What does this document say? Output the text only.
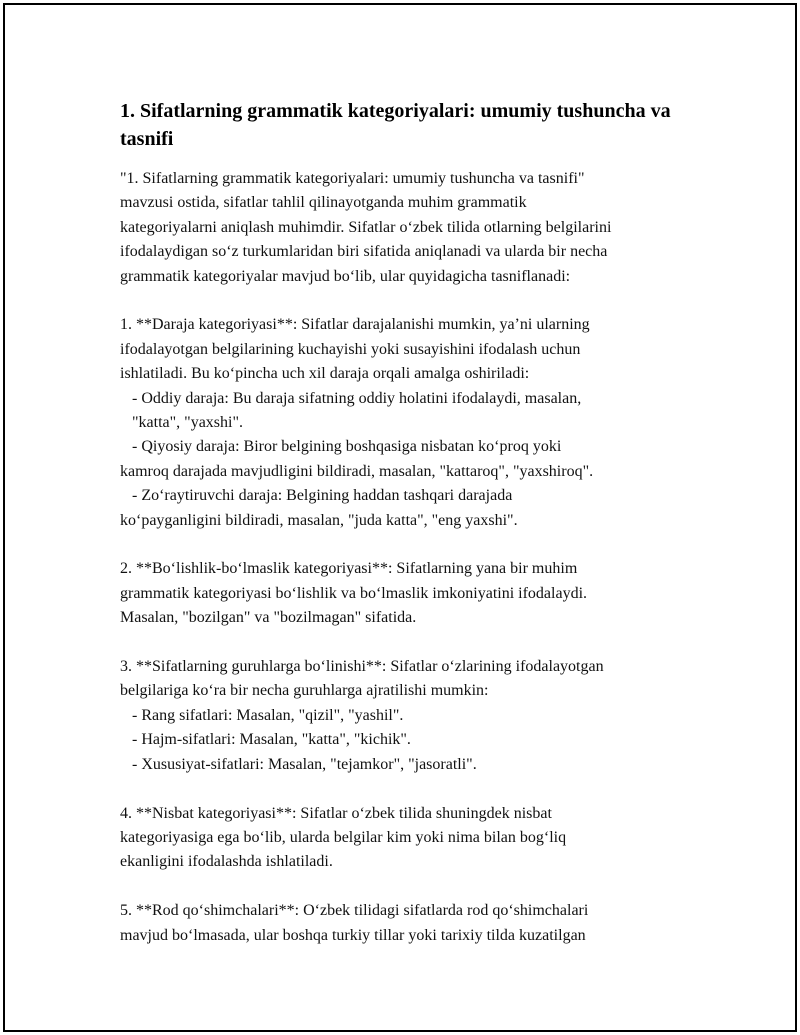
1. Sifatlarning grammatik kategoriyalari: umumiy tushuncha va tasnifi
"1. Sifatlarning grammatik kategoriyalari: umumiy tushuncha va tasnifi"
mavzusi ostida, sifatlar tahlil qilinayotganda muhim grammatik
kategoriyalarni aniqlash muhimdir. Sifatlar o‘zbek tilida otlarning belgilarini
ifodalaydigan so‘z turkumlaridan biri sifatida aniqlanadi va ularda bir necha
grammatik kategoriyalar mavjud bo‘lib, ular quyidagicha tasniflanadi:
1. **Daraja kategoriyasi**: Sifatlar darajalanishi mumkin, ya’ni ularning
ifodalayotgan belgilarining kuchayishi yoki susayishini ifodalash uchun
ishlatiladi. Bu ko‘pincha uch xil daraja orqali amalga oshiriladi:
- Oddiy daraja: Bu daraja sifatning oddiy holatini ifodalaydi, masalan,
"katta", "yaxshi".
- Qiyosiy daraja: Biror belgining boshqasiga nisbatan ko‘proq yoki
kamroq darajada mavjudligini bildiradi, masalan, "kattaroq", "yaxshiroq".
- Zo‘raytiruvchi daraja: Belgining haddan tashqari darajada
ko‘payganligini bildiradi, masalan, "juda katta", "eng yaxshi".
2. **Bo‘lishlik-bo‘lmaslik kategoriyasi**: Sifatlarning yana bir muhim
grammatik kategoriyasi bo‘lishlik va bo‘lmaslik imkoniyatini ifodalaydi.
Masalan, "bozilgan" va "bozilmagan" sifatida.
3. **Sifatlarning guruhlarga bo‘linishi**: Sifatlar o‘zlarining ifodalayotgan
belgilariga ko‘ra bir necha guruhlarga ajratilishi mumkin:
- Rang sifatlari: Masalan, "qizil", "yashil".
- Hajm-sifatlari: Masalan, "katta", "kichik".
- Xususiyat-sifatlari: Masalan, "tejamkor", "jasoratli".
4. **Nisbat kategoriyasi**: Sifatlar o‘zbek tilida shuningdek nisbat
kategoriyasiga ega bo‘lib, ularda belgilar kim yoki nima bilan bog‘liq
ekanligini ifodalashda ishlatiladi.
5. **Rod qo‘shimchalari**: O‘zbek tilidagi sifatlarda rod qo‘shimchalari
mavjud bo‘lmasada, ular boshqa turkiy tillar yoki tarixiy tilda kuzatilgan
